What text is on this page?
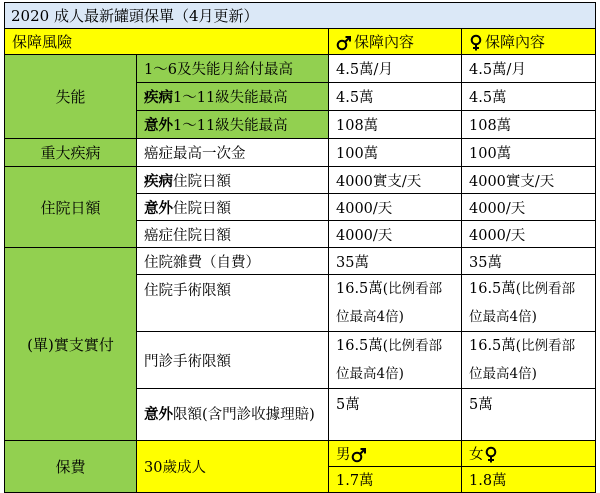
2020 成人最新罐頭保單（4月更新）			
保障風險		保障內容	保障內容
失能	1～6及失能月給付最高	4.5萬/月	4.5萬/月
	疾病1～11級失能最高	4.5萬	4.5萬
	意外1～11級失能最高	108萬	108萬
重大疾病	癌症最高一次金	100萬	100萬
住院日額	疾病住院日額	4000實支/天	4000實支/天
	意外住院日額	4000/天	4000/天
	癌症住院日額	4000/天	4000/天
(單)實支實付	住院雜費（自費）	35萬	35萬
	住院手術限額	16.5萬(比例看部位最高4倍)	16.5萬(比例看部位最高4倍)
	門診手術限額	16.5萬(比例看部位最高4倍)	16.5萬(比例看部位最高4倍)
	意外限額(含門診收據理賠)	5萬	5萬
保費	30歲成人	男	女
		1.7萬	1.8萬
